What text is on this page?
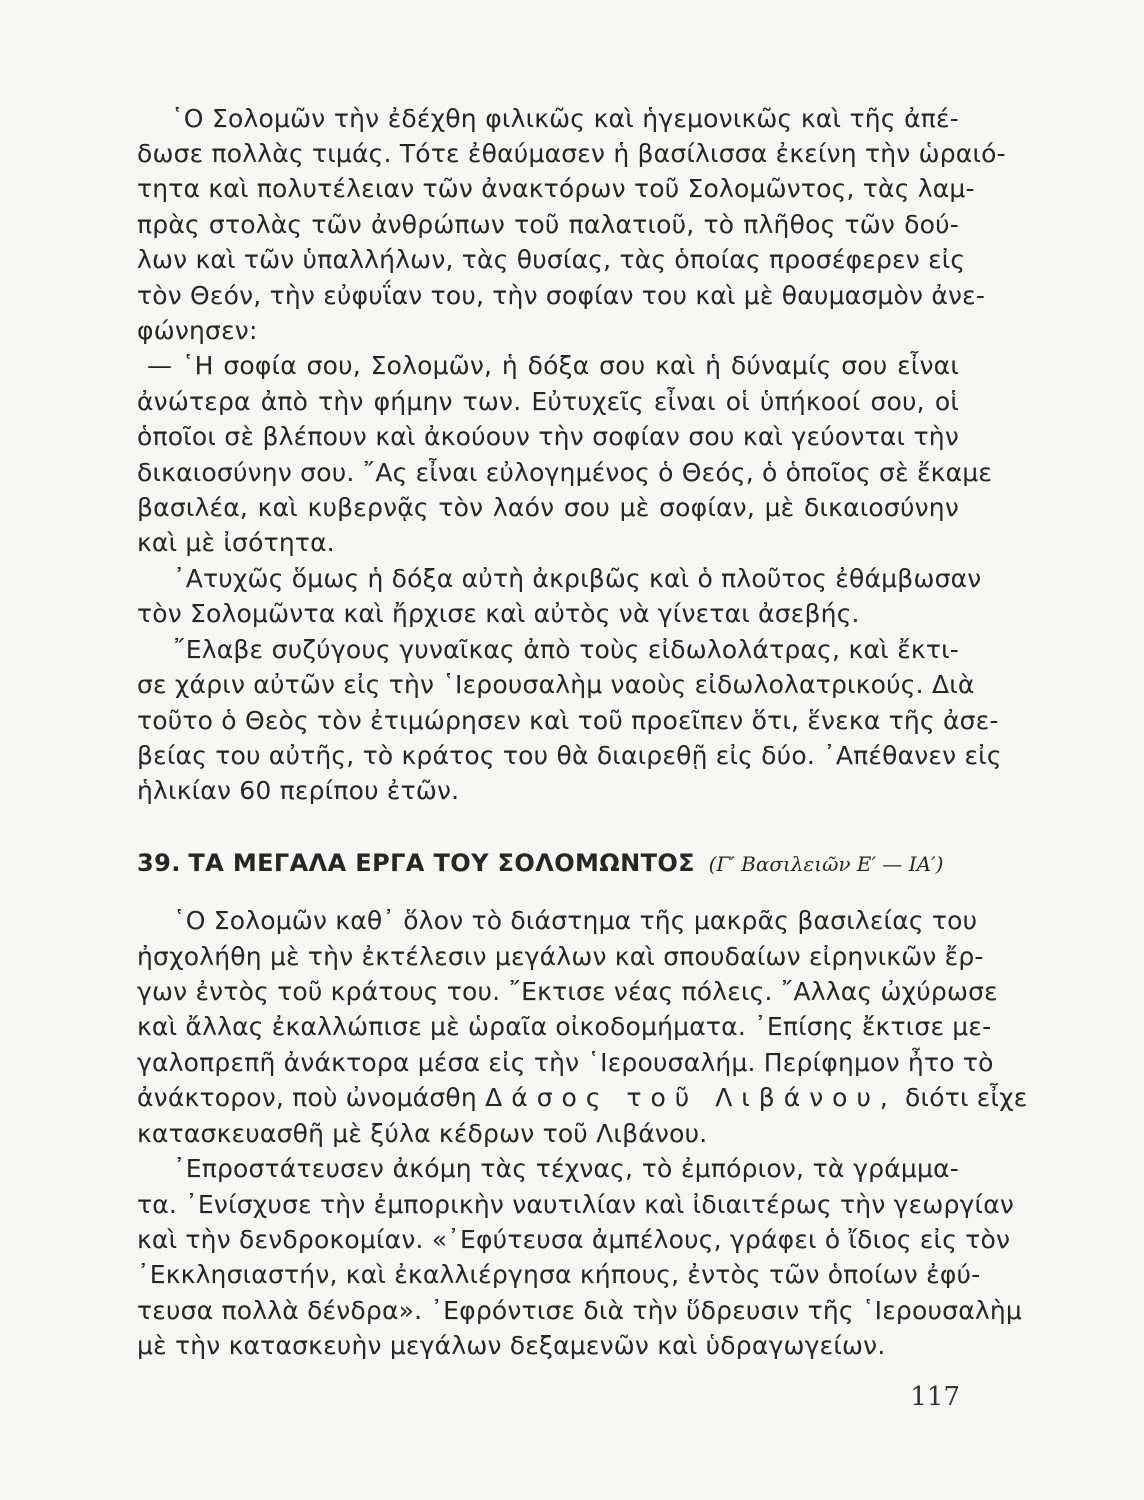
῾Ο Σολομῶν τὴν ἐδέχθη φιλικῶς καὶ ἡγεμονικῶς καὶ τῆς ἀπέ-
δωσε πολλὰς τιμάς. Τότε ἐθαύμασεν ἡ βασίλισσα ἐκείνη τὴν ὡραιό-
τητα καὶ πολυτέλειαν τῶν ἀνακτόρων τοῦ Σολομῶντος, τὰς λαμ-
πρὰς στολὰς τῶν ἀνθρώπων τοῦ παλατιοῦ, τὸ πλῆθος τῶν δού-
λων καὶ τῶν ὑπαλλήλων, τὰς θυσίας, τὰς ὁποίας προσέφερεν εἰς
τὸν Θεόν, τὴν εὐφυΐαν του, τὴν σοφίαν του καὶ μὲ θαυμασμὸν ἀνε-
φώνησεν:
— ῾Η σοφία σου, Σολομῶν, ἡ δόξα σου καὶ ἡ δύναμίς σου εἶναι
ἀνώτερα ἀπὸ τὴν φήμην των. Εὐτυχεῖς εἶναι οἱ ὑπήκοοί σου, οἱ
ὁποῖοι σὲ βλέπουν καὶ ἀκούουν τὴν σοφίαν σου καὶ γεύονται τὴν
δικαιοσύνην σου. ῎Ας εἶναι εὐλογημένος ὁ Θεός, ὁ ὁποῖος σὲ ἔκαμε
βασιλέα, καὶ κυβερνᾷς τὸν λαόν σου μὲ σοφίαν, μὲ δικαιοσύνην
καὶ μὲ ἰσότητα.
᾿Ατυχῶς ὅμως ἡ δόξα αὐτὴ ἀκριβῶς καὶ ὁ πλοῦτος ἐθάμβωσαν
τὸν Σολομῶντα καὶ ἤρχισε καὶ αὐτὸς νὰ γίνεται ἀσεβής.
῎Ελαβε συζύγους γυναῖκας ἀπὸ τοὺς εἰδωλολάτρας, καὶ ἔκτι-
σε χάριν αὐτῶν εἰς τὴν ῾Ιερουσαλὴμ ναοὺς εἰδωλολατρικούς. Διὰ
τοῦτο ὁ Θεὸς τὸν ἐτιμώρησεν καὶ τοῦ προεῖπεν ὅτι, ἕνεκα τῆς ἀσε-
βείας του αὐτῆς, τὸ κράτος του θὰ διαιρεθῇ εἰς δύο. ᾿Απέθανεν εἰς
ἡλικίαν 60 περίπου ἐτῶν.
39. ΤΑ ΜΕΓΑΛΑ ΕΡΓΑ ΤΟΥ ΣΟΛΟΜΩΝΤΟΣ (Γ′ Βασιλειῶν Ε′ — ΙΑ′)
῾Ο Σολομῶν καθ᾿ ὅλον τὸ διάστημα τῆς μακρᾶς βασιλείας του
ἠσχολήθη μὲ τὴν ἐκτέλεσιν μεγάλων καὶ σπουδαίων εἰρηνικῶν ἔρ-
γων ἐντὸς τοῦ κράτους του. ῎Εκτισε νέας πόλεις. ῎Αλλας ὠχύρωσε
καὶ ἄλλας ἐκαλλώπισε μὲ ὡραῖα οἰκοδομήματα. ᾿Επίσης ἔκτισε με-
γαλοπρεπῆ ἀνάκτορα μέσα εἰς τὴν ῾Ιερουσαλήμ. Περίφημον ἦτο τὸ
ἀνάκτορον, ποὺ ὠνομάσθη Δάσος τοῦ Λιβάνου, διότι εἶχε
κατασκευασθῆ μὲ ξύλα κέδρων τοῦ Λιβάνου.
᾿Επροστάτευσεν ἀκόμη τὰς τέχνας, τὸ ἐμπόριον, τὰ γράμμα-
τα. ᾿Ενίσχυσε τὴν ἐμπορικὴν ναυτιλίαν καὶ ἰδιαιτέρως τὴν γεωργίαν
καὶ τὴν δενδροκομίαν. «᾿Εφύτευσα ἀμπέλους, γράφει ὁ ἴδιος εἰς τὸν
᾿Εκκλησιαστήν, καὶ ἐκαλλιέργησα κήπους, ἐντὸς τῶν ὁποίων ἐφύ-
τευσα πολλὰ δένδρα». ᾿Εφρόντισε διὰ τὴν ὕδρευσιν τῆς ῾Ιερουσαλὴμ
μὲ τὴν κατασκευὴν μεγάλων δεξαμενῶν καὶ ὑδραγωγείων.
117
